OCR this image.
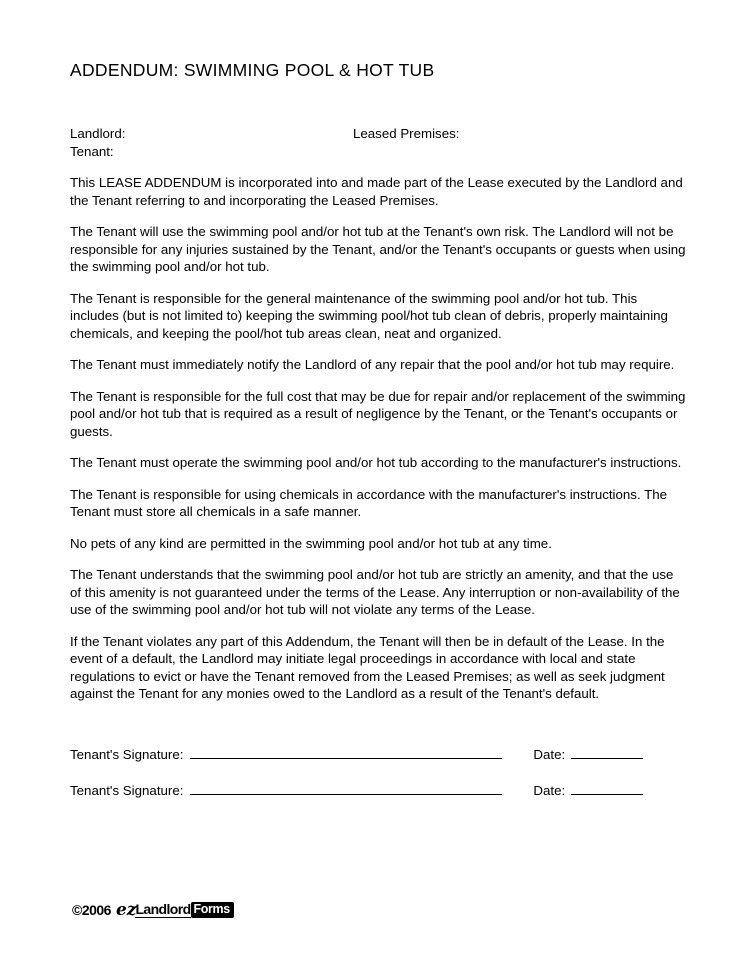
ADDENDUM: SWIMMING POOL & HOT TUB
Landlord:	Leased Premises:
Tenant:

This LEASE ADDENDUM is incorporated into and made part of the Lease executed by the Landlord and the Tenant referring to and incorporating the Leased Premises.

The Tenant will use the swimming pool and/or hot tub at the Tenant's own risk. The Landlord will not be responsible for any injuries sustained by the Tenant, and/or the Tenant's occupants or guests when using the swimming pool and/or hot tub.

The Tenant is responsible for the general maintenance of the swimming pool and/or hot tub. This includes (but is not limited to) keeping the swimming pool/hot tub clean of debris, properly maintaining chemicals, and keeping the pool/hot tub areas clean, neat and organized.

The Tenant must immediately notify the Landlord of any repair that the pool and/or hot tub may require.

The Tenant is responsible for the full cost that may be due for repair and/or replacement of the swimming pool and/or hot tub that is required as a result of negligence by the Tenant, or the Tenant's occupants or guests.

The Tenant must operate the swimming pool and/or hot tub according to the manufacturer's instructions.

The Tenant is responsible for using chemicals in accordance with the manufacturer's instructions. The Tenant must store all chemicals in a safe manner.

No pets of any kind are permitted in the swimming pool and/or hot tub at any time.

The Tenant understands that the swimming pool and/or hot tub are strictly an amenity, and that the use of this amenity is not guaranteed under the terms of the Lease. Any interruption or non-availability of the use of the swimming pool and/or hot tub will not violate any terms of the Lease.

If the Tenant violates any part of this Addendum, the Tenant will then be in default of the Lease. In the event of a default, the Landlord may initiate legal proceedings in accordance with local and state regulations to evict or have the Tenant removed from the Leased Premises; as well as seek judgment against the Tenant for any monies owed to the Landlord as a result of the Tenant's default.

Tenant's Signature:	Date:
Tenant's Signature:	Date:
©2006 ez Landlord Forms
